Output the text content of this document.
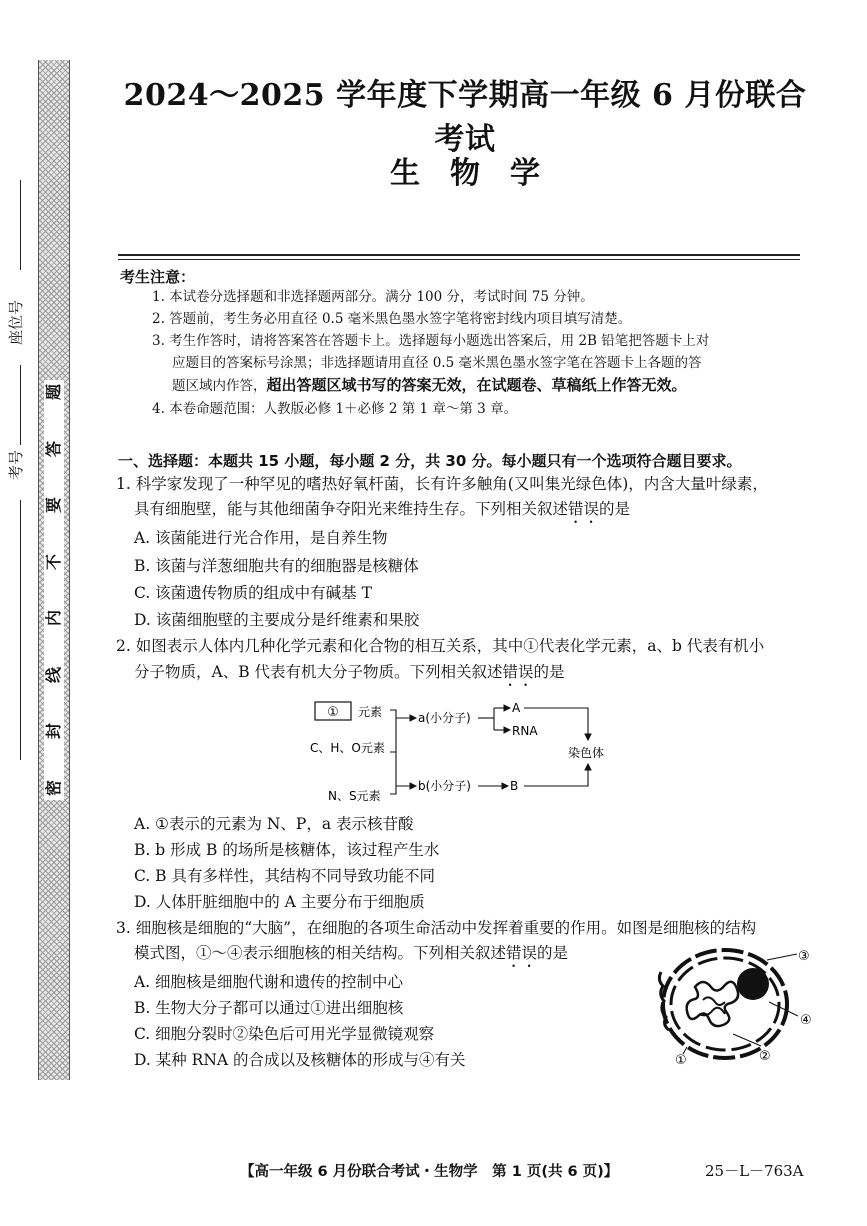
座位号
考号
题
答
要
不
内
线
封
密
2024～2025 学年度下学期高一年级 6 月份联合考试
生物学
考生注意：
1. 本试卷分选择题和非选择题两部分。满分 100 分，考试时间 75 分钟。
2. 答题前，考生务必用直径 0.5 毫米黑色墨水签字笔将密封线内项目填写清楚。
3. 考生作答时，请将答案答在答题卡上。选择题每小题选出答案后，用 2B 铅笔把答题卡上对
应题目的答案标号涂黑；非选择题请用直径 0.5 毫米黑色墨水签字笔在答题卡上各题的答
题区域内作答，超出答题区域书写的答案无效，在试题卷、草稿纸上作答无效。
4. 本卷命题范围：人教版必修 1＋必修 2 第 1 章～第 3 章。
一、选择题：本题共 15 小题，每小题 2 分，共 30 分。每小题只有一个选项符合题目要求。
1. 科学家发现了一种罕见的嗜热好氧杆菌，长有许多触角(又叫集光绿色体)，内含大量叶绿素，
具有细胞壁，能与其他细菌争夺阳光来维持生存。下列相关叙述错误的是
A. 该菌能进行光合作用，是自养生物
B. 该菌与洋葱细胞共有的细胞器是核糖体
C. 该菌遗传物质的组成中有碱基 T
D. 该菌细胞壁的主要成分是纤维素和果胶
2. 如图表示人体内几种化学元素和化合物的相互关系，其中①代表化学元素，a、b 代表有机小
分子物质，A、B 代表有机大分子物质。下列相关叙述错误的是
① 元素
C、H、O元素
N、S元素
a(小分子)
b(小分子)
A
RNA
B
染色体
A. ①表示的元素为 N、P，a 表示核苷酸
B. b 形成 B 的场所是核糖体，该过程产生水
C. B 具有多样性，其结构不同导致功能不同
D. 人体肝脏细胞中的 A 主要分布于细胞质
3. 细胞核是细胞的“大脑”，在细胞的各项生命活动中发挥着重要的作用。如图是细胞核的结构
模式图，①～④表示细胞核的相关结构。下列相关叙述错误的是
A. 细胞核是细胞代谢和遗传的控制中心
B. 生物大分子都可以通过①进出细胞核
C. 细胞分裂时②染色后可用光学显微镜观察
D. 某种 RNA 的合成以及核糖体的形成与④有关
③
④
②
①
【高一年级 6 月份联合考试・生物学　第 1 页(共 6 页)】	25－L－763A
